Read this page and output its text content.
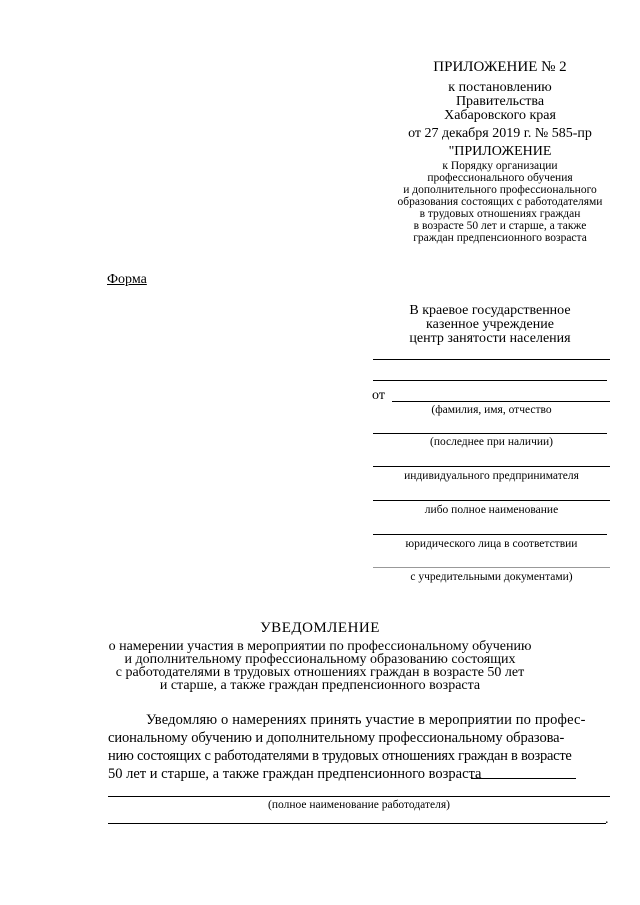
ПРИЛОЖЕНИЕ № 2
к постановлению
Правительства
Хабаровского края
от 27 декабря 2019 г. № 585-пр
"ПРИЛОЖЕНИЕ
к Порядку организации
профессионального обучения
и дополнительного профессионального
образования состоящих с работодателями
в трудовых отношениях граждан
в возрасте 50 лет и старше, а также
граждан предпенсионного возраста
Форма
В краевое государственное
казенное учреждение
центр занятости населения
от
(фамилия, имя, отчество
(последнее при наличии)
индивидуального предпринимателя
либо полное наименование
юридического лица в соответствии
с учредительными документами)
УВЕДОМЛЕНИЕ
о намерении участия в мероприятии по профессиональному обучению
и дополнительному профессиональному образованию состоящих
с работодателями в трудовых отношениях граждан в возрасте 50 лет
и старше, а также граждан предпенсионного возраста
Уведомляю о намерениях принять участие в мероприятии по профес-
сиональному обучению и дополнительному профессиональному образова-
нию состоящих с работодателями в трудовых отношениях граждан в возрасте
50 лет и старше, а также граждан предпенсионного возраста
(полное наименование работодателя)
.
